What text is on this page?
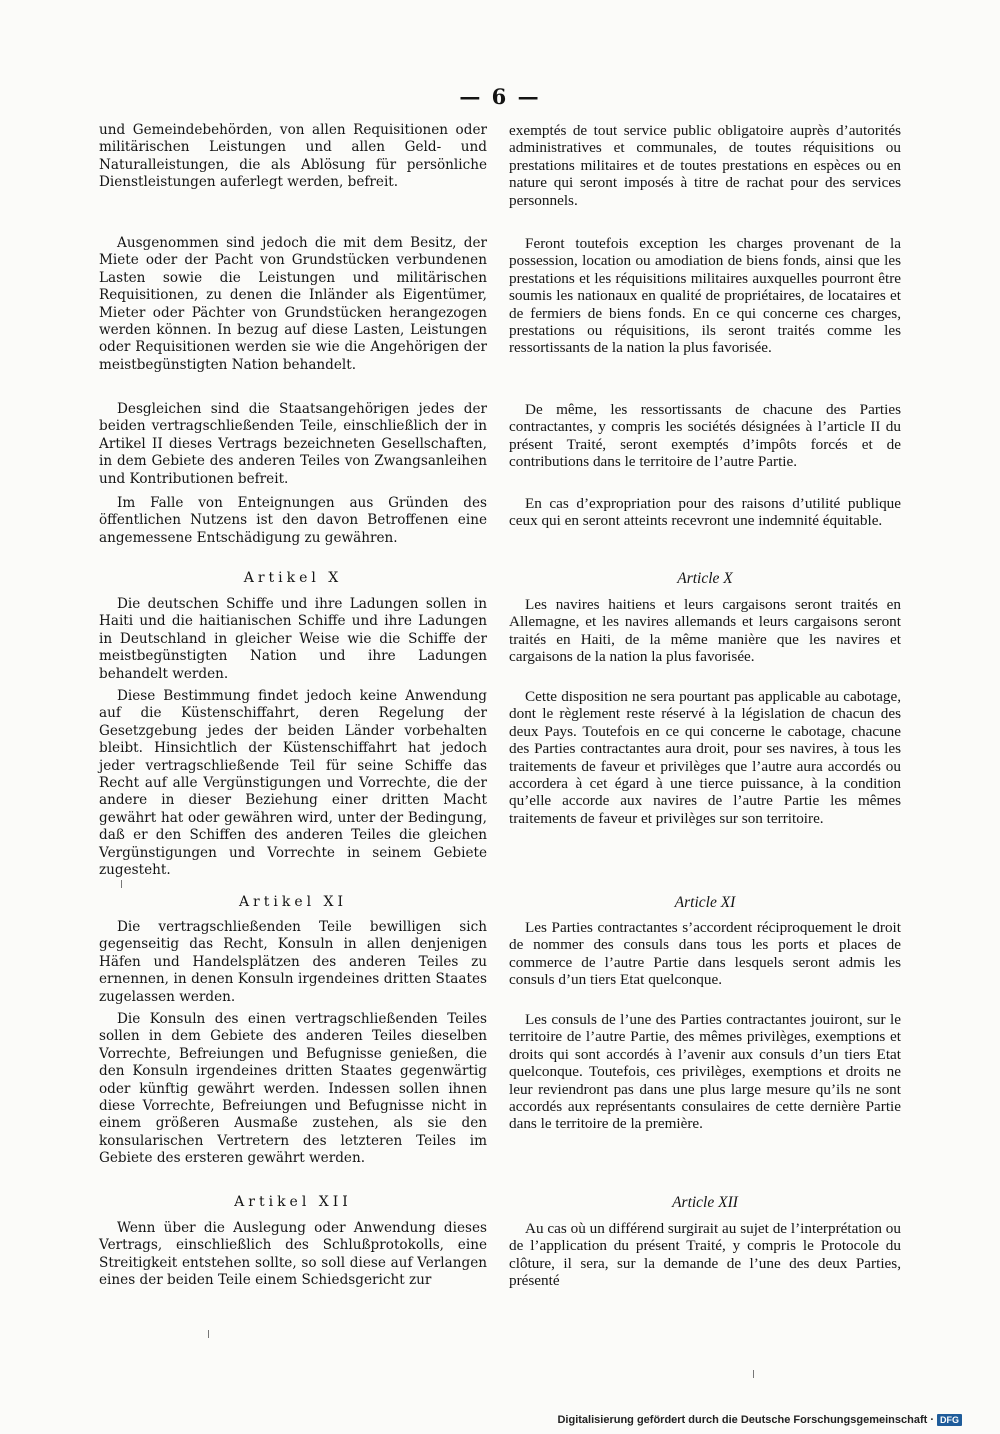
— 6 —

und Gemeindebehörden, von allen Requisitionen oder militärischen Leistungen und allen Geld- und Naturalleistungen, die als Ablösung für persönliche Dienstleistungen auferlegt werden, befreit.

Ausgenommen sind jedoch die mit dem Besitz, der Miete oder der Pacht von Grundstücken verbundenen Lasten sowie die Leistungen und militärischen Requisitionen, zu denen die Inländer als Eigentümer, Mieter oder Pächter von Grundstücken herangezogen werden können. In bezug auf diese Lasten, Leistungen oder Requisitionen werden sie wie die Angehörigen der meistbegünstigten Nation behandelt.

Desgleichen sind die Staatsangehörigen jedes der beiden vertragschließenden Teile, einschließlich der in Artikel II dieses Vertrags bezeichneten Gesellschaften, in dem Gebiete des anderen Teiles von Zwangsanleihen und Kontributionen befreit.

Im Falle von Enteignungen aus Gründen des öffentlichen Nutzens ist den davon Betroffenen eine angemessene Entschädigung zu gewähren.

Artikel X

Die deutschen Schiffe und ihre Ladungen sollen in Haiti und die haitianischen Schiffe und ihre Ladungen in Deutschland in gleicher Weise wie die Schiffe der meistbegünstigten Nation und ihre Ladungen behandelt werden.

Diese Bestimmung findet jedoch keine Anwendung auf die Küstenschiffahrt, deren Regelung der Gesetzgebung jedes der beiden Länder vorbehalten bleibt. Hinsichtlich der Küstenschiffahrt hat jedoch jeder vertragschließende Teil für seine Schiffe das Recht auf alle Vergünstigungen und Vorrechte, die der andere in dieser Beziehung einer dritten Macht gewährt hat oder gewähren wird, unter der Bedingung, daß er den Schiffen des anderen Teiles die gleichen Vergünstigungen und Vorrechte in seinem Gebiete zugesteht.

Artikel XI

Die vertragschließenden Teile bewilligen sich gegenseitig das Recht, Konsuln in allen denjenigen Häfen und Handelsplätzen des anderen Teiles zu ernennen, in denen Konsuln irgendeines dritten Staates zugelassen werden.

Die Konsuln des einen vertragschließenden Teiles sollen in dem Gebiete des anderen Teiles dieselben Vorrechte, Befreiungen und Befugnisse genießen, die den Konsuln irgendeines dritten Staates gegenwärtig oder künftig gewährt werden. Indessen sollen ihnen diese Vorrechte, Befreiungen und Befugnisse nicht in einem größeren Ausmaße zustehen, als sie den konsularischen Vertretern des letzteren Teiles im Gebiete des ersteren gewährt werden.

Artikel XII

Wenn über die Auslegung oder Anwendung dieses Vertrags, einschließlich des Schlußprotokolls, eine Streitigkeit entstehen sollte, so soll diese auf Verlangen eines der beiden Teile einem Schiedsgericht zur

exemptés de tout service public obligatoire auprès d’autorités administratives et communales, de toutes réquisitions ou prestations militaires et de toutes prestations en espèces ou en nature qui seront imposés à titre de rachat pour des services personnels.

Feront toutefois exception les charges provenant de la possession, location ou amodiation de biens fonds, ainsi que les prestations et les réquisitions militaires auxquelles pourront être soumis les nationaux en qualité de propriétaires, de locataires et de fermiers de biens fonds. En ce qui concerne ces charges, prestations ou réquisitions, ils seront traités comme les ressortissants de la nation la plus favorisée.

De même, les ressortissants de chacune des Parties contractantes, y compris les sociétés désignées à l’article II du présent Traité, seront exemptés d’impôts forcés et de contributions dans le territoire de l’autre Partie.

En cas d’expropriation pour des raisons d’utilité publique ceux qui en seront atteints recevront une indemnité équitable.

Article X

Les navires haitiens et leurs cargaisons seront traités en Allemagne, et les navires allemands et leurs cargaisons seront traités en Haiti, de la même manière que les navires et cargaisons de la nation la plus favorisée.

Cette disposition ne sera pourtant pas applicable au cabotage, dont le règlement reste réservé à la législation de chacun des deux Pays. Toutefois en ce qui concerne le cabotage, chacune des Parties contractantes aura droit, pour ses navires, à tous les traitements de faveur et privilèges que l’autre aura accordés ou accordera à cet égard à une tierce puissance, à la condition qu’elle accorde aux navires de l’autre Partie les mêmes traitements de faveur et privilèges sur son territoire.

Article XI

Les Parties contractantes s’accordent réciproquement le droit de nommer des consuls dans tous les ports et places de commerce de l’autre Partie dans lesquels seront admis les consuls d’un tiers Etat quelconque.

Les consuls de l’une des Parties contractantes jouiront, sur le territoire de l’autre Partie, des mêmes privilèges, exemptions et droits qui sont accordés à l’avenir aux consuls d’un tiers Etat quelconque. Toutefois, ces privilèges, exemptions et droits ne leur reviendront pas dans une plus large mesure qu’ils ne sont accordés aux représentants consulaires de cette dernière Partie dans le territoire de la première.

Article XII

Au cas où un différend surgirait au sujet de l’interprétation ou de l’application du présent Traité, y compris le Protocole du clôture, il sera, sur la demande de l’une des deux Parties, présenté

Digitalisierung gefördert durch die Deutsche Forschungsgemeinschaft · DFG
